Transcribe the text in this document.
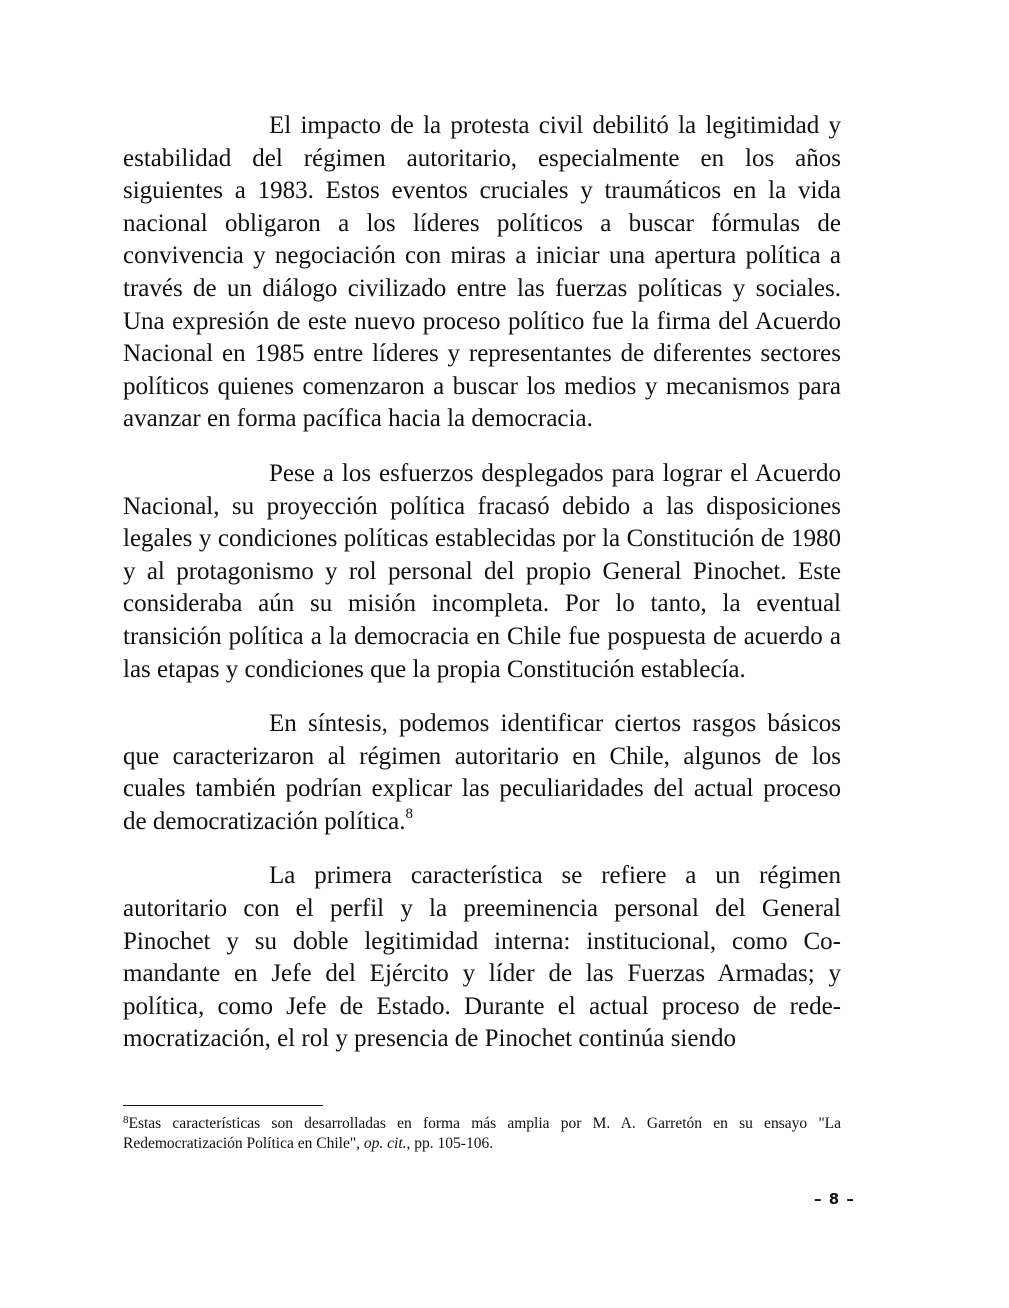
El impacto de la protesta civil debilitó la legitimidad y estabilidad del régimen autoritario, especialmente en los años siguientes a 1983. Estos eventos cruciales y traumáticos en la vida nacional obligaron a los líderes políticos a buscar fórmulas de convivencia y negociación con miras a iniciar una apertura política a través de un diálogo civilizado entre las fuerzas políticas y sociales. Una expresión de este nuevo proceso político fue la firma del Acuerdo Nacional en 1985 entre líderes y representantes de diferentes sectores políticos quienes comenzaron a buscar los medios y mecanismos para avanzar en forma pacífica hacia la democracia.

Pese a los esfuerzos desplegados para lograr el Acuerdo Nacional, su proyección política fracasó debido a las disposiciones legales y condiciones políticas establecidas por la Constitución de 1980 y al protagonismo y rol personal del propio General Pinochet. Este consideraba aún su misión incompleta. Por lo tanto, la eventual transición política a la democracia en Chile fue pospuesta de acuerdo a las etapas y condiciones que la propia Constitución establecía.

En síntesis, podemos identificar ciertos rasgos básicos que caracterizaron al régimen autoritario en Chile, algunos de los cuales también podrían explicar las peculiaridades del actual proceso de democratización política.$^8$

La primera característica se refiere a un régimen autoritario con el perfil y la preeminencia personal del General Pinochet y su doble legitimidad interna: institucional, como Comandante en Jefe del Ejército y líder de las Fuerzas Armadas; y política, como Jefe de Estado. Durante el actual proceso de redemocratización, el rol y presencia de Pinochet continúa siendo

$^8$Estas características son desarrolladas en forma más amplia por M. A. Garretón en su ensayo "La Redemocratización Política en Chile", op. cit., pp. 105-106.
– 8 –
